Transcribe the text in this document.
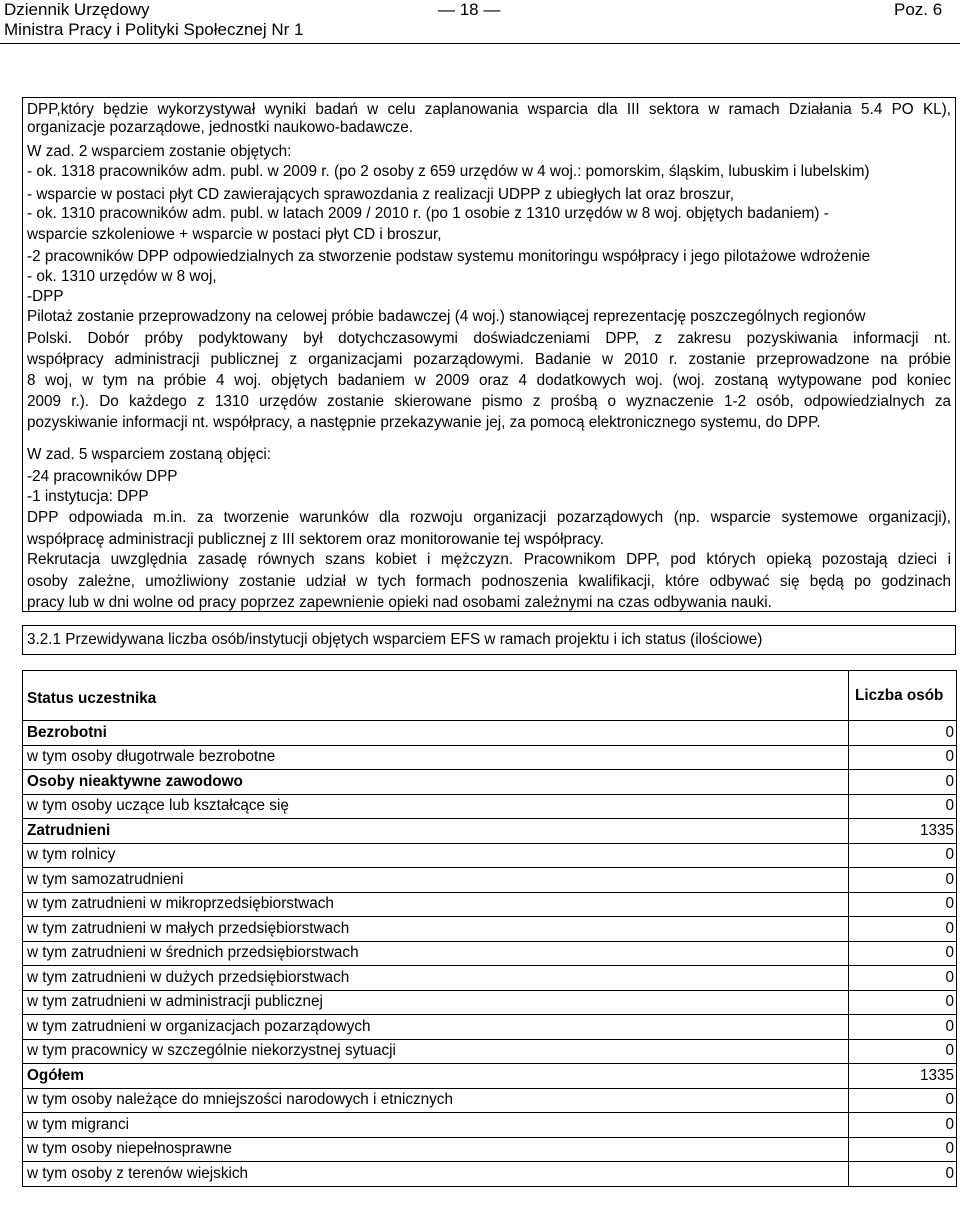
Dziennik Urzędowy	— 18 —	Poz. 6
Ministra Pracy i Polityki Społecznej Nr 1
DPP,który będzie wykorzystywał wyniki badań w celu zaplanowania wsparcia dla III sektora w ramach Działania 5.4 PO KL),
organizacje pozarządowe, jednostki naukowo-badawcze.
W zad. 2 wsparciem zostanie objętych:
- ok. 1318 pracowników adm. publ. w 2009 r. (po 2 osoby z 659 urzędów w 4 woj.: pomorskim, śląskim, lubuskim i lubelskim)
- wsparcie w postaci płyt CD zawierających sprawozdania z realizacji UDPP z ubiegłych lat oraz broszur,
- ok. 1310 pracowników adm. publ. w latach 2009 / 2010 r. (po 1 osobie z 1310 urzędów w 8 woj. objętych badaniem) -
wsparcie szkoleniowe + wsparcie w postaci płyt CD i broszur,
-2 pracowników DPP odpowiedzialnych za stworzenie podstaw systemu monitoringu współpracy i jego pilotażowe wdrożenie
- ok. 1310 urzędów w 8 woj,
-DPP
Pilotaż zostanie przeprowadzony na celowej próbie badawczej (4 woj.) stanowiącej reprezentację poszczególnych regionów
Polski. Dobór próby podyktowany był dotychczasowymi doświadczeniami DPP, z zakresu pozyskiwania informacji nt.
współpracy administracji publicznej z organizacjami pozarządowymi. Badanie w 2010 r. zostanie przeprowadzone na próbie
8 woj, w tym na próbie 4 woj. objętych badaniem w 2009 oraz 4 dodatkowych woj. (woj. zostaną wytypowane pod koniec
2009 r.). Do każdego z 1310 urzędów zostanie skierowane pismo z prośbą o wyznaczenie 1-2 osób, odpowiedzialnych za
pozyskiwanie informacji nt. współpracy, a następnie przekazywanie jej, za pomocą elektronicznego systemu, do DPP.
W zad. 5 wsparciem zostaną objęci:
-24 pracowników DPP
-1 instytucja: DPP
DPP odpowiada m.in. za tworzenie warunków dla rozwoju organizacji pozarządowych (np. wsparcie systemowe organizacji),
współpracę administracji publicznej z III sektorem oraz monitorowanie tej współpracy.
Rekrutacja uwzględnia zasadę równych szans kobiet i mężczyzn. Pracownikom DPP, pod których opieką pozostają dzieci i
osoby zależne, umożliwiony zostanie udział w tych formach podnoszenia kwalifikacji, które odbywać się będą po godzinach
pracy lub w dni wolne od pracy poprzez zapewnienie opieki nad osobami zależnymi na czas odbywania nauki.
3.2.1 Przewidywana liczba osób/instytucji objętych wsparciem EFS w ramach projektu i ich status (ilościowe)
Status uczestnika	Liczba osób
Bezrobotni	0
w tym osoby długotrwale bezrobotne	0
Osoby nieaktywne zawodowo	0
w tym osoby uczące lub kształcące się	0
Zatrudnieni	1335
w tym rolnicy	0
w tym samozatrudnieni	0
w tym zatrudnieni w mikroprzedsiębiorstwach	0
w tym zatrudnieni w małych przedsiębiorstwach	0
w tym zatrudnieni w średnich przedsiębiorstwach	0
w tym zatrudnieni w dużych przedsiębiorstwach	0
w tym zatrudnieni w administracji publicznej	0
w tym zatrudnieni w organizacjach pozarządowych	0
w tym pracownicy w szczególnie niekorzystnej sytuacji	0
Ogółem	1335
w tym osoby należące do mniejszości narodowych i etnicznych	0
w tym migranci	0
w tym osoby niepełnosprawne	0
w tym osoby z terenów wiejskich	0
